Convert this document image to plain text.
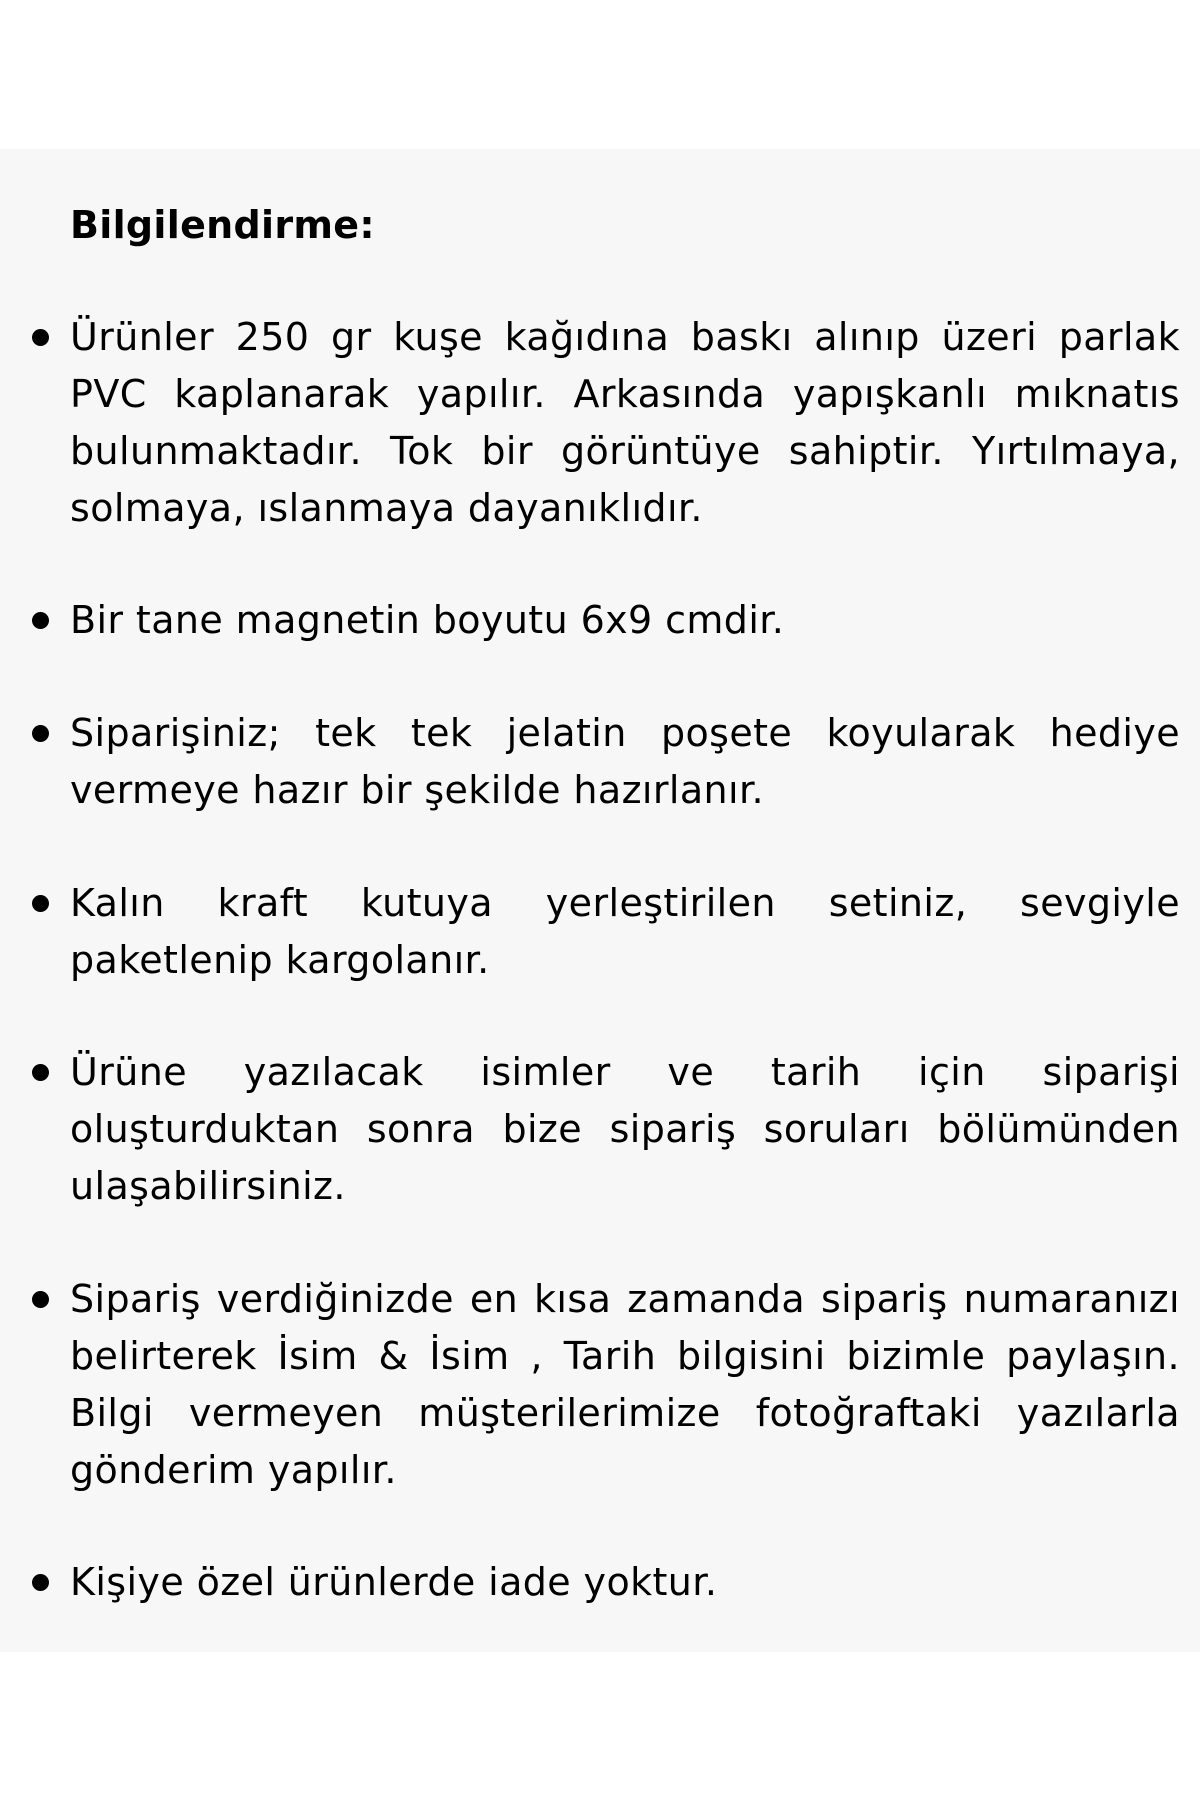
Bilgilendirme:
Ürünler 250 gr kuşe kağıdına baskı alınıp üzeri parlak PVC kaplanarak yapılır. Arkasında yapışkanlı mıknatıs bulunmaktadır. Tok bir görüntüye sahiptir. Yırtılmaya, solmaya, ıslanmaya dayanıklıdır.
Bir tane magnetin boyutu 6x9 cmdir.
Siparişiniz; tek tek jelatin poşete koyularak hediye vermeye hazır bir şekilde hazırlanır.
Kalın kraft kutuya yerleştirilen setiniz, sevgiyle paketlenip kargolanır.
Ürüne yazılacak isimler ve tarih için siparişi oluşturduktan sonra bize sipariş soruları bölümünden ulaşabilirsiniz.
Sipariş verdiğinizde en kısa zamanda sipariş numaranızı belirterek İsim & İsim , Tarih bilgisini bizimle paylaşın. Bilgi vermeyen müşterilerimize fotoğraftaki yazılarla gönderim yapılır.
Kişiye özel ürünlerde iade yoktur.
